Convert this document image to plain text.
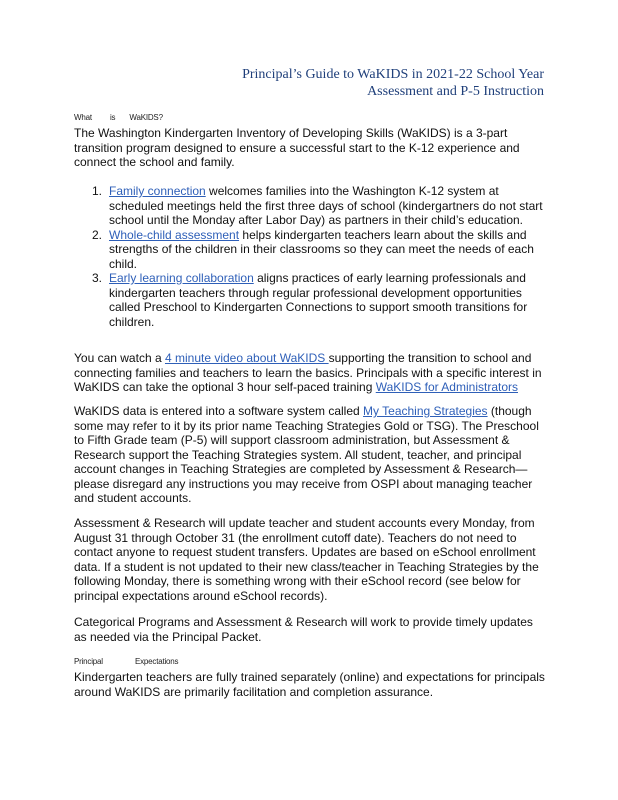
Principal’s Guide to WaKIDS in 2021-22 School Year
Assessment and P-5 Instruction
What is WaKIDS?

The Washington Kindergarten Inventory of Developing Skills (WaKIDS) is a 3-part transition program designed to ensure a successful start to the K-12 experience and connect the school and family.

1. Family connection welcomes families into the Washington K-12 system at scheduled meetings held the first three days of school (kindergartners do not start school until the Monday after Labor Day) as partners in their child’s education.
2. Whole-child assessment helps kindergarten teachers learn about the skills and strengths of the children in their classrooms so they can meet the needs of each child.
3. Early learning collaboration aligns practices of early learning professionals and kindergarten teachers through regular professional development opportunities called Preschool to Kindergarten Connections to support smooth transitions for children.

You can watch a 4 minute video about WaKIDS supporting the transition to school and connecting families and teachers to learn the basics. Principals with a specific interest in WaKIDS can take the optional 3 hour self-paced training WaKIDS for Administrators

WaKIDS data is entered into a software system called My Teaching Strategies (though some may refer to it by its prior name Teaching Strategies Gold or TSG). The Preschool to Fifth Grade team (P-5) will support classroom administration, but Assessment & Research support the Teaching Strategies system. All student, teacher, and principal account changes in Teaching Strategies are completed by Assessment & Research—please disregard any instructions you may receive from OSPI about managing teacher and student accounts.

Assessment & Research will update teacher and student accounts every Monday, from August 31 through October 31 (the enrollment cutoff date). Teachers do not need to contact anyone to request student transfers. Updates are based on eSchool enrollment data. If a student is not updated to their new class/teacher in Teaching Strategies by the following Monday, there is something wrong with their eSchool record (see below for principal expectations around eSchool records).

Categorical Programs and Assessment & Research will work to provide timely updates as needed via the Principal Packet.

Principal	Expectations

Kindergarten teachers are fully trained separately (online) and expectations for principals around WaKIDS are primarily facilitation and completion assurance.
